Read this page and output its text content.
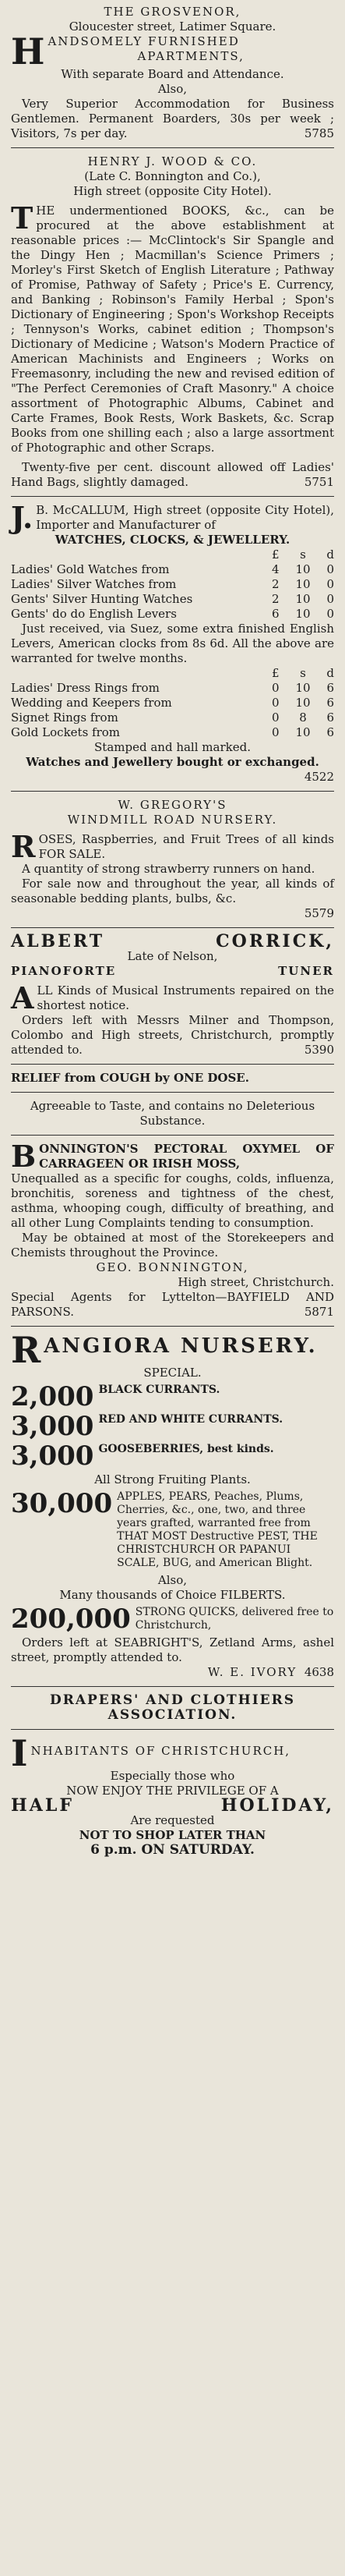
THE GROSVENOR,
Gloucester street, Latimer Square.
H ANDSOMELY FURNISHED
APARTMENTS,
With separate Board and Attendance.
Also,
Very Superior Accommodation for Business Gentlemen. Permanent Boarders, 30s per week ; Visitors, 7s per day.	5785
HENRY J. WOOD & CO.
(Late C. Bonnington and Co.),
High street (opposite City Hotel).
THE undermentioned BOOKS, &c., can be procured at the above establishment at reasonable prices :— McClintock's Sir Spangle and the Dingy Hen ; Macmillan's Science Primers ; Morley's First Sketch of English Literature ; Pathway of Promise, Pathway of Safety ; Price's E. Currency, and Banking ; Robinson's Family Herbal ; Spon's Dictionary of Engineering ; Spon's Workshop Receipts ; Tennyson's Works, cabinet edition ; Thompson's Dictionary of Medicine ; Watson's Modern Practice of American Machinists and Engineers ; Works on Freemasonry, including the new and revised edition of "The Perfect Ceremonies of Craft Masonry." A choice assortment of Photographic Albums, Cabinet and Carte Frames, Book Rests, Work Baskets, &c. Scrap Books from one shilling each ; also a large assortment of Photographic and other Scraps.
Twenty-five per cent. discount allowed off Ladies' Hand Bags, slightly damaged.	5751
J. B. McCALLUM, High street (opposite City Hotel), Importer and Manufacturer of
WATCHES, CLOCKS, & JEWELLERY.
£ s d
Ladies' Gold Watches from	4 10 0
Ladies' Silver Watches from	2 10 0
Gents' Silver Hunting Watches	2 10 0
Gents' do do English Levers	6 10 0
Just received, via Suez, some extra finished English Levers, American clocks from 8s 6d. All the above are warranted for twelve months.
£ s d
Ladies' Dress Rings from	0 10 6
Wedding and Keepers from	0 10 6
Signet Rings from	0 8 6
Gold Lockets from	0 10 6
Stamped and hall marked.
Watches and Jewellery bought or exchanged.
4522
W. GREGORY'S
WINDMILL ROAD NURSERY.
ROSES, Raspberries, and Fruit Trees of all kinds FOR SALE.
A quantity of strong strawberry runners on hand.
For sale now and throughout the year, all kinds of seasonable bedding plants, bulbs, &c.
5579
ALBERT	CORRICK,
Late of Nelson,
PIANOFORTE	TUNER
ALL Kinds of Musical Instruments repaired on the shortest notice.
Orders left with Messrs Milner and Thompson, Colombo and High streets, Christchurch, promptly attended to.	5390
RELIEF from COUGH by ONE DOSE.
Agreeable to Taste, and contains no Deleterious Substance.
BONNINGTON'S PECTORAL OXYMEL OF CARRAGEEN OR IRISH MOSS,
Unequalled as a specific for coughs, colds, influenza, bronchitis, soreness and tightness of the chest, asthma, whooping cough, difficulty of breathing, and all other Lung Complaints tending to consumption.
May be obtained at most of the Storekeepers and Chemists throughout the Province.
GEO. BONNINGTON,
High street, Christchurch.
Special Agents for Lyttelton—BAYFIELD AND PARSONS.	5871
R ANGIORA NURSERY.
SPECIAL.
2,000 BLACK CURRANTS.
3,000 RED AND WHITE CURRANTS.
3,000 GOOSEBERRIES, best kinds.
All Strong Fruiting Plants.
30,000 APPLES, PEARS, Peaches, Plums, Cherries, &c., one, two, and three years grafted, warranted free from THAT MOST Destructive PEST, THE CHRISTCHURCH OR PAPANUI SCALE, BUG, and American Blight.
Also,
Many thousands of Choice FILBERTS.
200,000 STRONG QUICKS, delivered free to Christchurch,
Orders left at SEABRIGHT'S, Zetland Arms, ashel street, promptly attended to.
W. E. IVORY 4638
DRAPERS' AND CLOTHIERS
ASSOCIATION.
I NHABITANTS OF CHRISTCHURCH,
Especially those who
NOW ENJOY THE PRIVILEGE OF A
HALF	HOLIDAY,
Are requested
NOT TO SHOP LATER THAN
6 p.m. ON SATURDAY.
